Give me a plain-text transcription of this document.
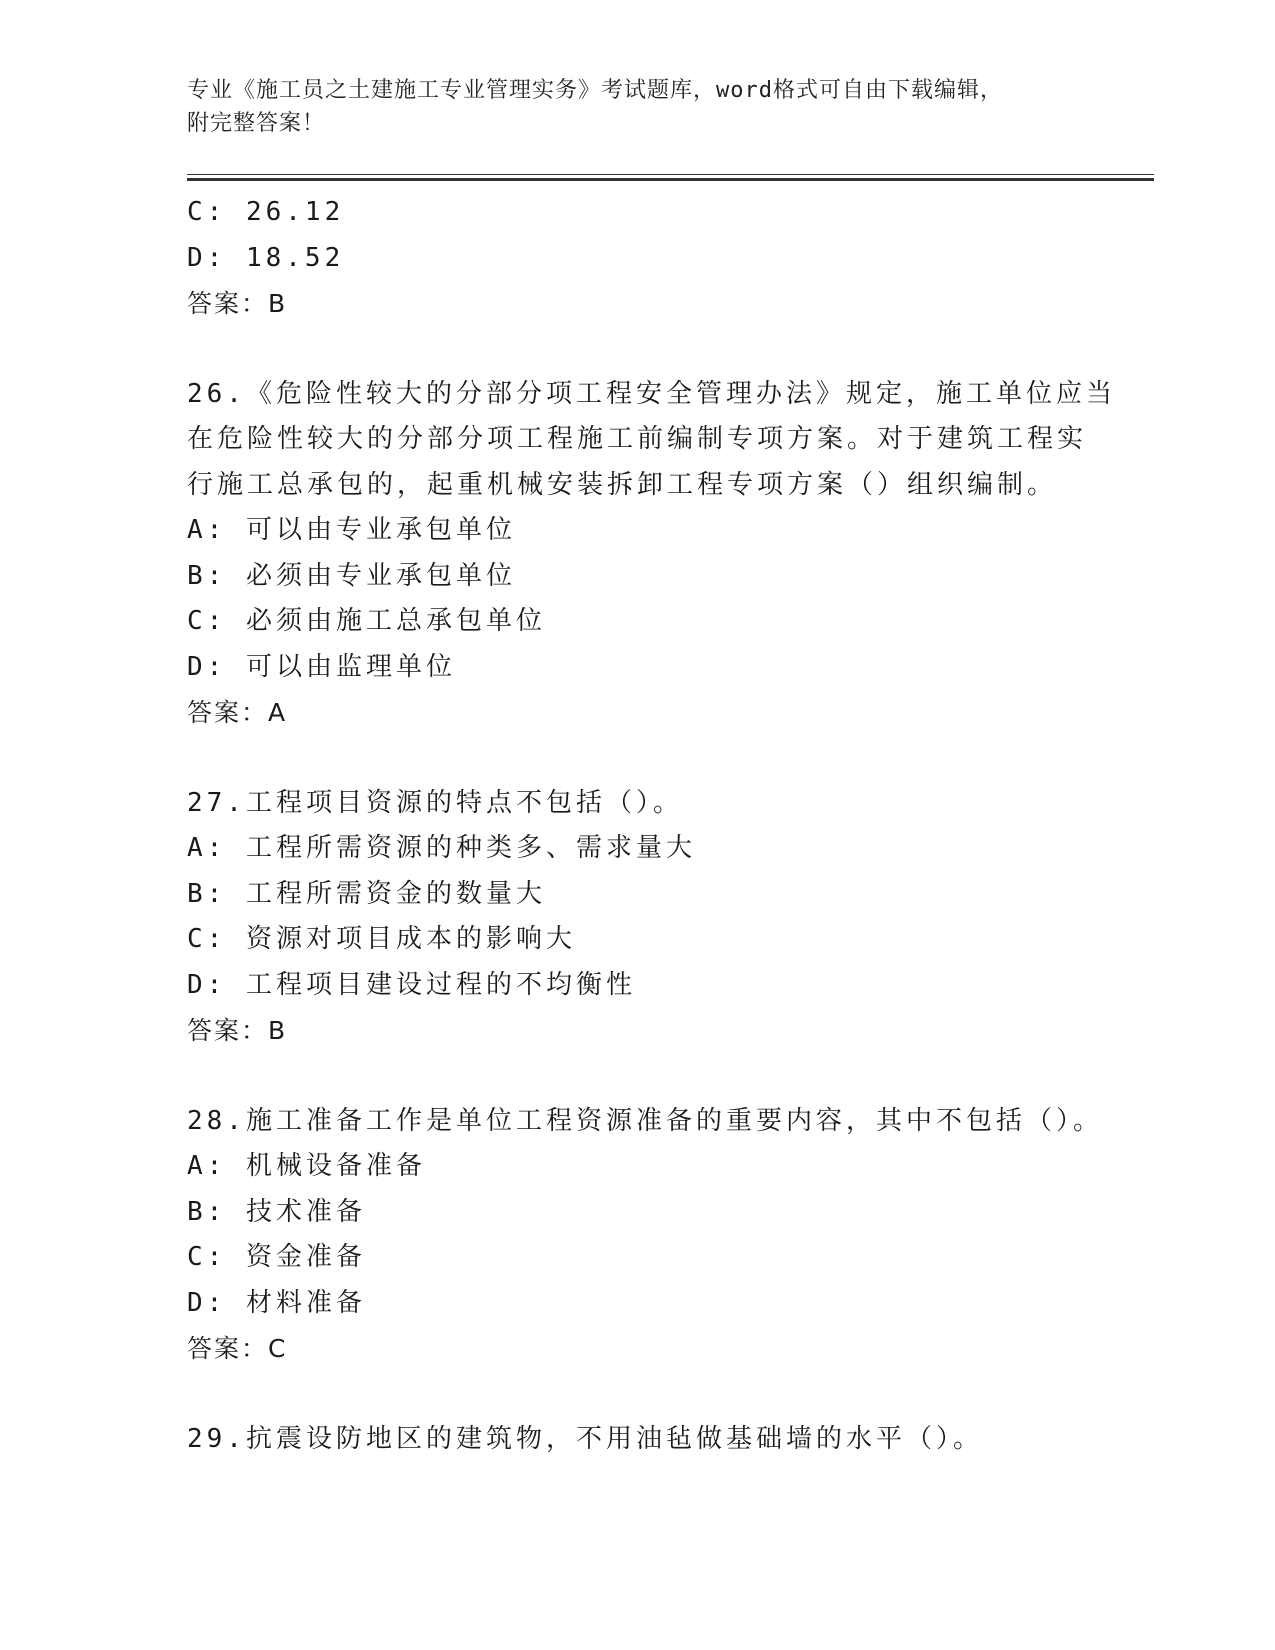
专业《施工员之土建施工专业管理实务》考试题库，word格式可自由下载编辑，
附完整答案！
C: 26.12
D: 18.52
答案：B
26.《危险性较大的分部分项工程安全管理办法》规定，施工单位应当
在危险性较大的分部分项工程施工前编制专项方案。对于建筑工程实
行施工总承包的，起重机械安装拆卸工程专项方案（）组织编制。
A: 可以由专业承包单位
B: 必须由专业承包单位
C: 必须由施工总承包单位
D: 可以由监理单位
答案：A
27.工程项目资源的特点不包括（）。
A: 工程所需资源的种类多、需求量大
B: 工程所需资金的数量大
C: 资源对项目成本的影响大
D: 工程项目建设过程的不均衡性
答案：B
28.施工准备工作是单位工程资源准备的重要内容，其中不包括（）。
A: 机械设备准备
B: 技术准备
C: 资金准备
D: 材料准备
答案：C
29.抗震设防地区的建筑物，不用油毡做基础墙的水平（）。
